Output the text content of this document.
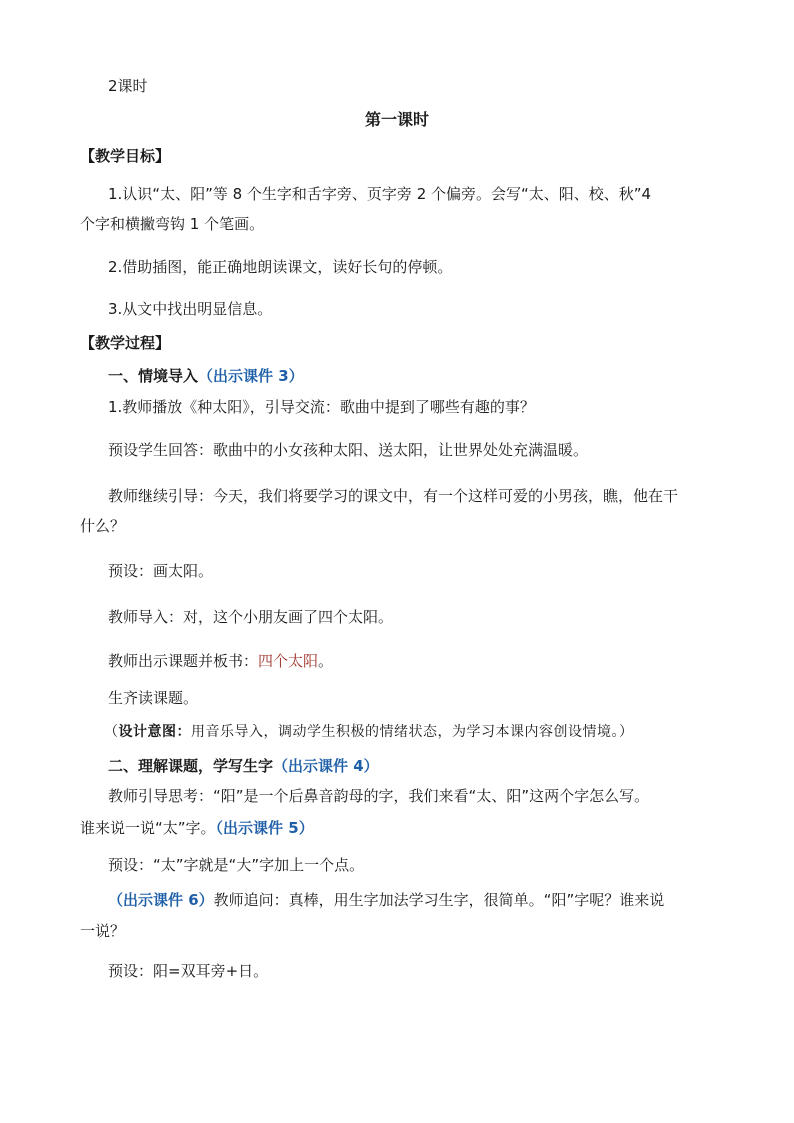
2课时
第一课时
【教学目标】
1.认识“太、阳”等 8 个生字和舌字旁、页字旁 2 个偏旁。会写“太、阳、校、秋”4
个字和横撇弯钩 1 个笔画。
2.借助插图，能正确地朗读课文，读好长句的停顿。
3.从文中找出明显信息。
【教学过程】
一、情境导入（出示课件 3）
1.教师播放《种太阳》，引导交流：歌曲中提到了哪些有趣的事？
预设学生回答：歌曲中的小女孩种太阳、送太阳，让世界处处充满温暖。
教师继续引导：今天，我们将要学习的课文中，有一个这样可爱的小男孩，瞧，他在干
什么？
预设：画太阳。
教师导入：对，这个小朋友画了四个太阳。
教师出示课题并板书：四个太阳。
生齐读课题。
（设计意图：用音乐导入，调动学生积极的情绪状态，为学习本课内容创设情境。）
二、理解课题，学写生字（出示课件 4）
教师引导思考：“阳”是一个后鼻音韵母的字，我们来看“太、阳”这两个字怎么写。
谁来说一说“太”字。（出示课件 5）
预设：“太”字就是“大”字加上一个点。
（出示课件 6）教师追问：真棒，用生字加法学习生字，很简单。“阳”字呢？谁来说
一说？
预设：阳=双耳旁+日。
